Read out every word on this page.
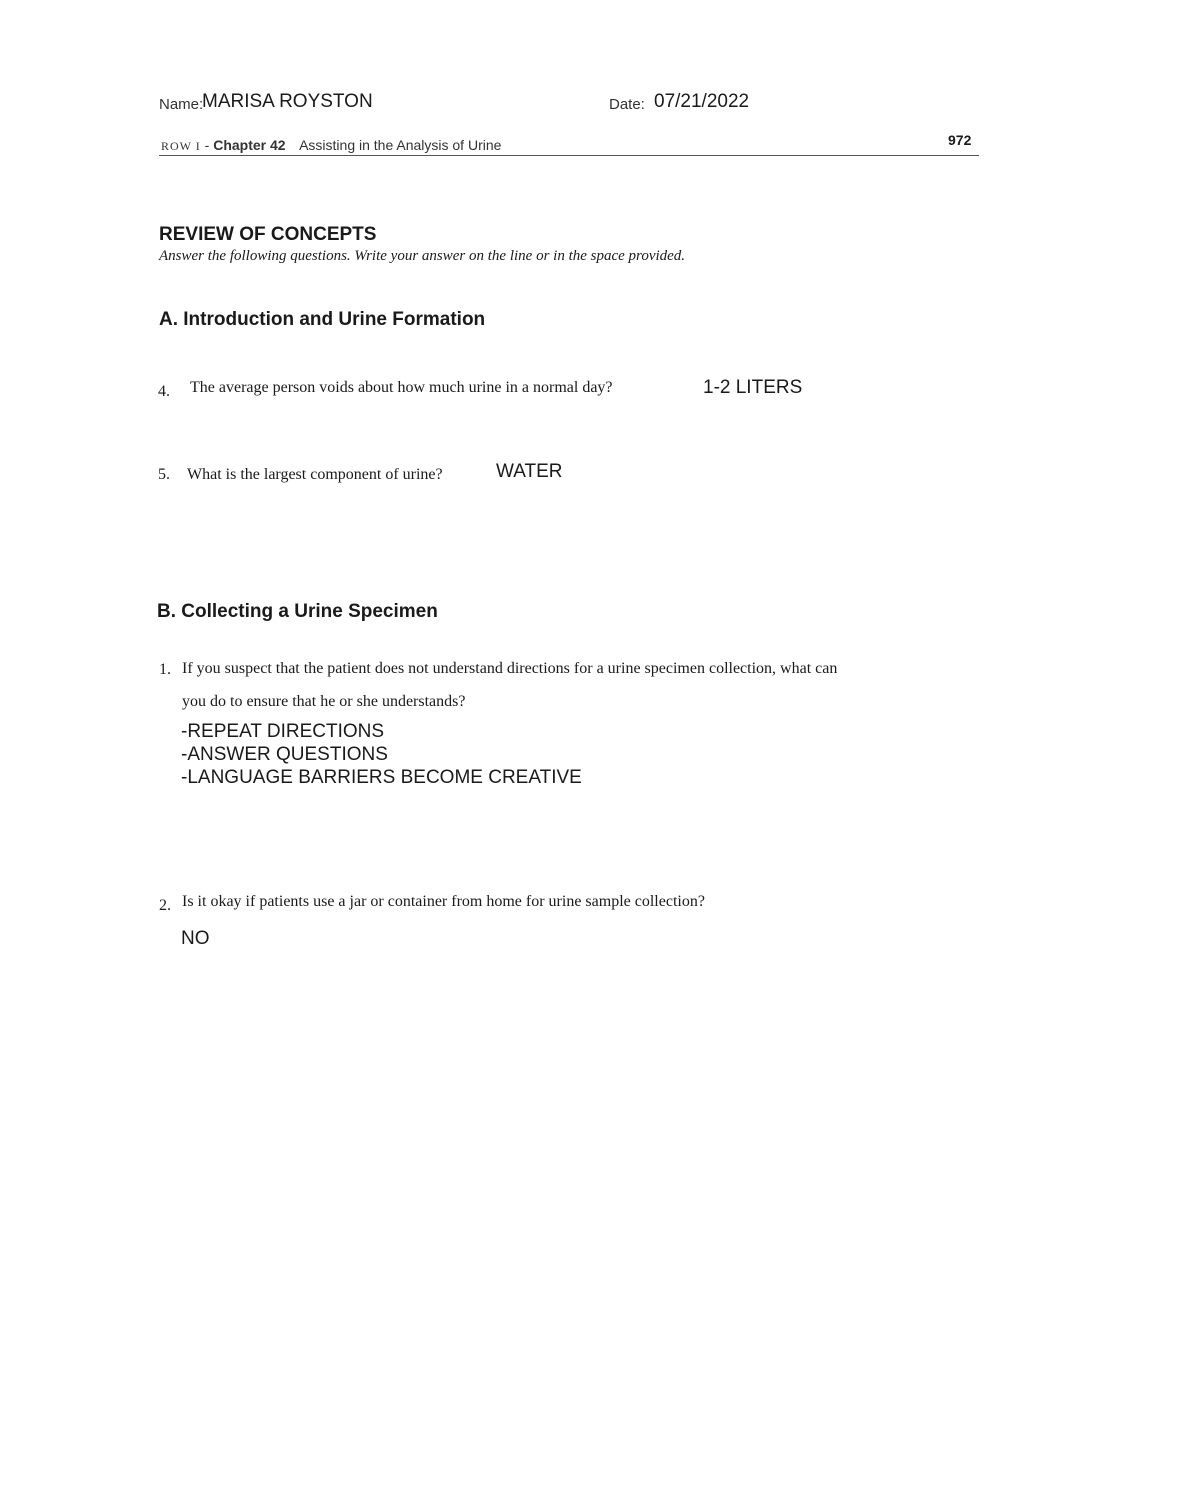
Name:
MARISA ROYSTON	Date: 07/21/2022
ROW I - Chapter 42 Assisting in the Analysis of Urine	972
REVIEW OF CONCEPTS
Answer the following questions. Write your answer on the line or in the space provided.
A. Introduction and Urine Formation
4. The average person voids about how much urine in a normal day?	1-2 LITERS
5. What is the largest component of urine?	WATER
B. Collecting a Urine Specimen
1. If you suspect that the patient does not understand directions for a urine specimen collection, what can
you do to ensure that he or she understands?
-REPEAT DIRECTIONS
-ANSWER QUESTIONS
-LANGUAGE BARRIERS BECOME CREATIVE
2. Is it okay if patients use a jar or container from home for urine sample collection?
NO
